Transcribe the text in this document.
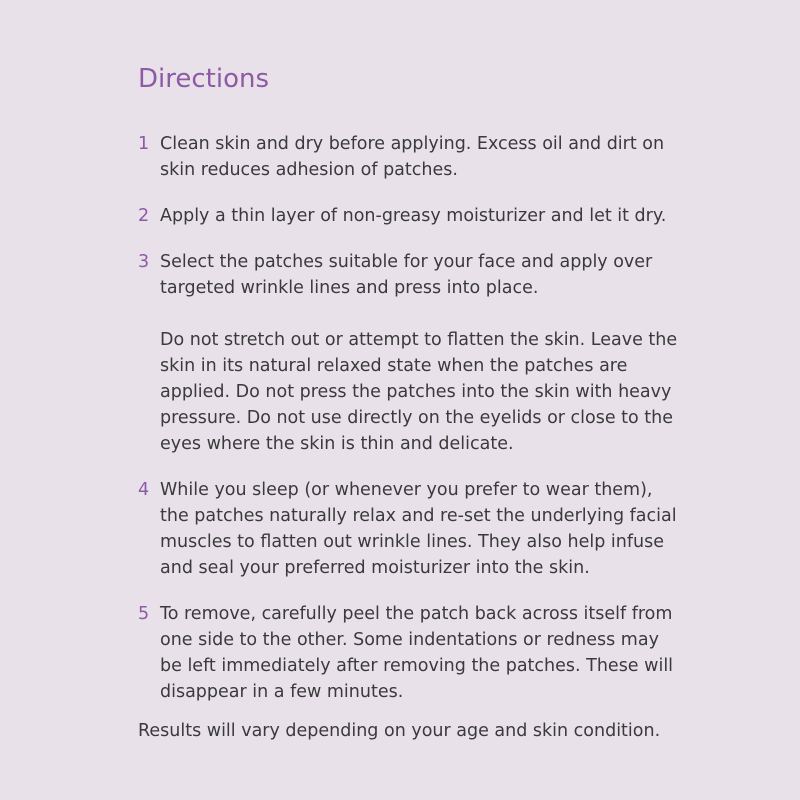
Directions
1 Clean skin and dry before applying. Excess oil and dirt on skin reduces adhesion of patches.

2 Apply a thin layer of non-greasy moisturizer and let it dry.

3 Select the patches suitable for your face and apply over targeted wrinkle lines and press into place.

Do not stretch out or attempt to flatten the skin. Leave the skin in its natural relaxed state when the patches are applied. Do not press the patches into the skin with heavy pressure. Do not use directly on the eyelids or close to the eyes where the skin is thin and delicate.

4 While you sleep (or whenever you prefer to wear them), the patches naturally relax and re-set the underlying facial muscles to flatten out wrinkle lines. They also help infuse and seal your preferred moisturizer into the skin.

5 To remove, carefully peel the patch back across itself from one side to the other. Some indentations or redness may be left immediately after removing the patches. These will disappear in a few minutes.

Results will vary depending on your age and skin condition.
